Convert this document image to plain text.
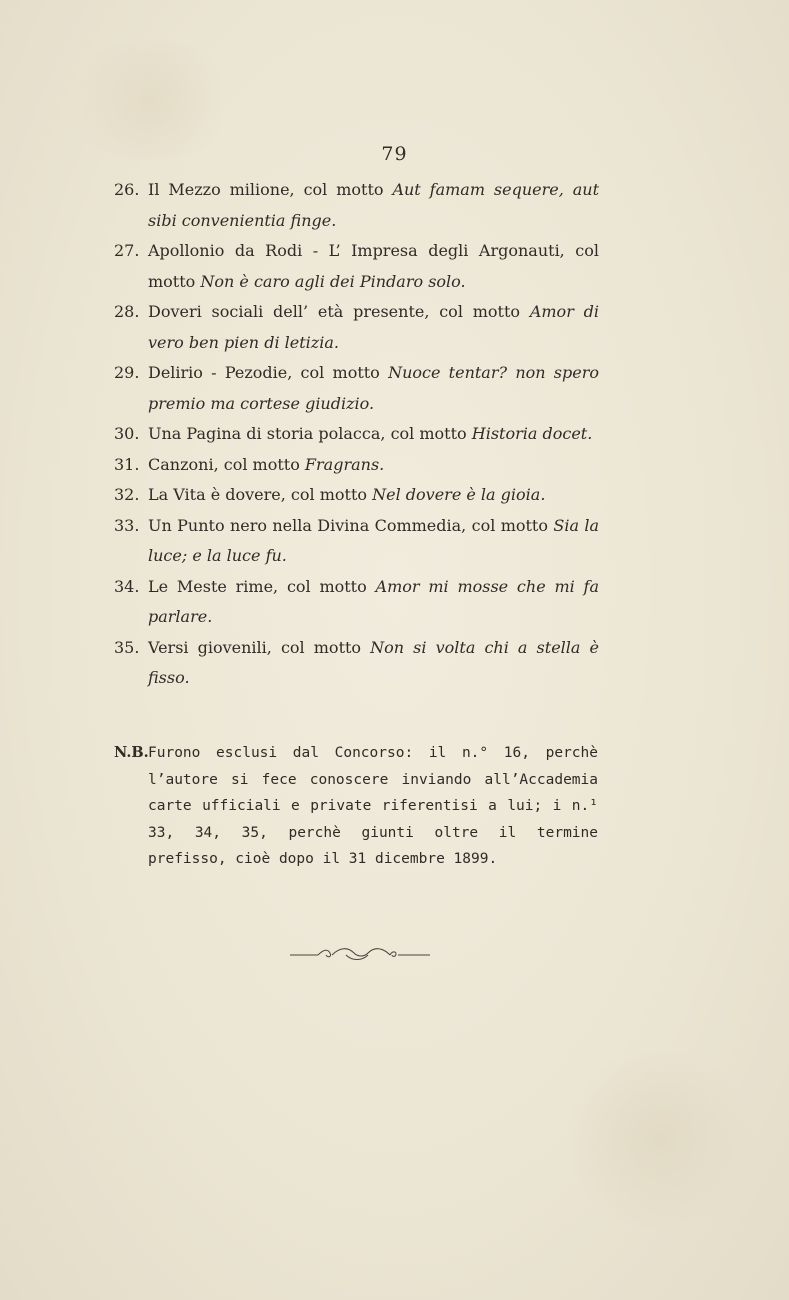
79
26. Il Mezzo milione, col motto Aut famam sequere, aut sibi convenientia finge.
27. Apollonio da Rodi - L’ Impresa degli Argonauti, col motto Non è caro agli dei Pindaro solo.
28. Doveri sociali dell’ età presente, col motto Amor di vero ben pien di letizia.
29. Delirio - Pezodie, col motto Nuoce tentar? non spero premio ma cortese giudizio.
30. Una Pagina di storia polacca, col motto Historia docet.
31. Canzoni, col motto Fragrans.
32. La Vita è dovere, col motto Nel dovere è la gioia.
33. Un Punto nero nella Divina Commedia, col motto Sia la luce; e la luce fu.
34. Le Meste rime, col motto Amor mi mosse che mi fa parlare.
35. Versi giovenili, col motto Non si volta chi a stella è fisso.
N.B. Furono esclusi dal Concorso: il n.° 16, perchè l’autore si fece conoscere inviando all’Accademia carte ufficiali e private riferentisi a lui; i n.¹ 33, 34, 35, perchè giunti oltre il termine prefisso, cioè dopo il 31 dicembre 1899.
